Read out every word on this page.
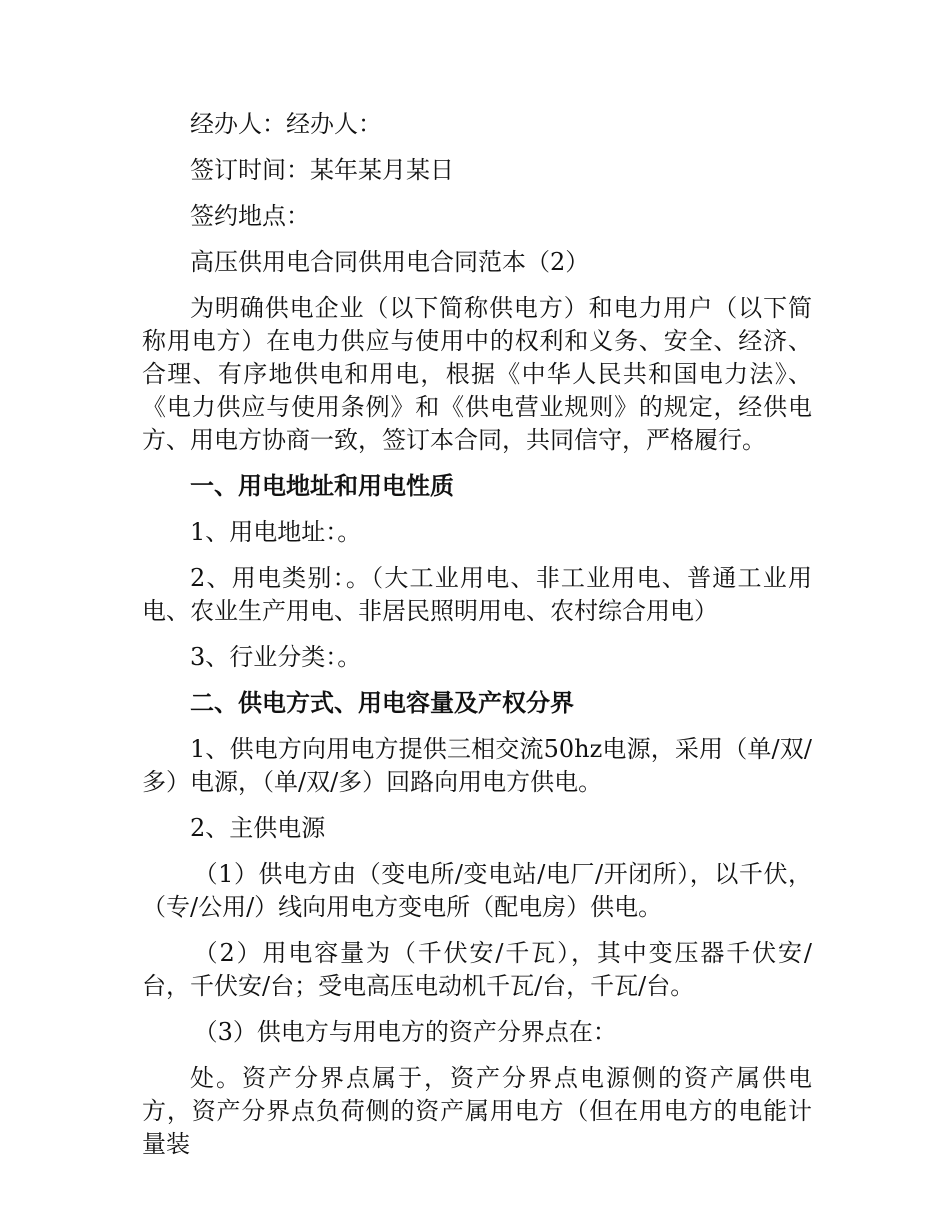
经办人：经办人：

签订时间：某年某月某日

签约地点：

高压供用电合同供用电合同范本（2）

为明确供电企业（以下简称供电方）和电力用户（以下简称用电方）在电力供应与使用中的权利和义务、安全、经济、合理、有序地供电和用电，根据《中华人民共和国电力法》、《电力供应与使用条例》和《供电营业规则》的规定，经供电方、用电方协商一致，签订本合同，共同信守，严格履行。

一、用电地址和用电性质

1、用电地址：。

2、用电类别：。（大工业用电、非工业用电、普通工业用电、农业生产用电、非居民照明用电、农村综合用电）

3、行业分类：。

二、供电方式、用电容量及产权分界

1、供电方向用电方提供三相交流50hz电源，采用（单/双/多）电源，（单/双/多）回路向用电方供电。

2、主供电源

（1）供电方由（变电所/变电站/电厂/开闭所），以千伏，（专/公用/）线向用电方变电所（配电房）供电。

（2）用电容量为（千伏安/千瓦），其中变压器千伏安/台，千伏安/台；受电高压电动机千瓦/台，千瓦/台。

（3）供电方与用电方的资产分界点在：

处。资产分界点属于，资产分界点电源侧的资产属供电方，资产分界点负荷侧的资产属用电方（但在用电方的电能计量装
